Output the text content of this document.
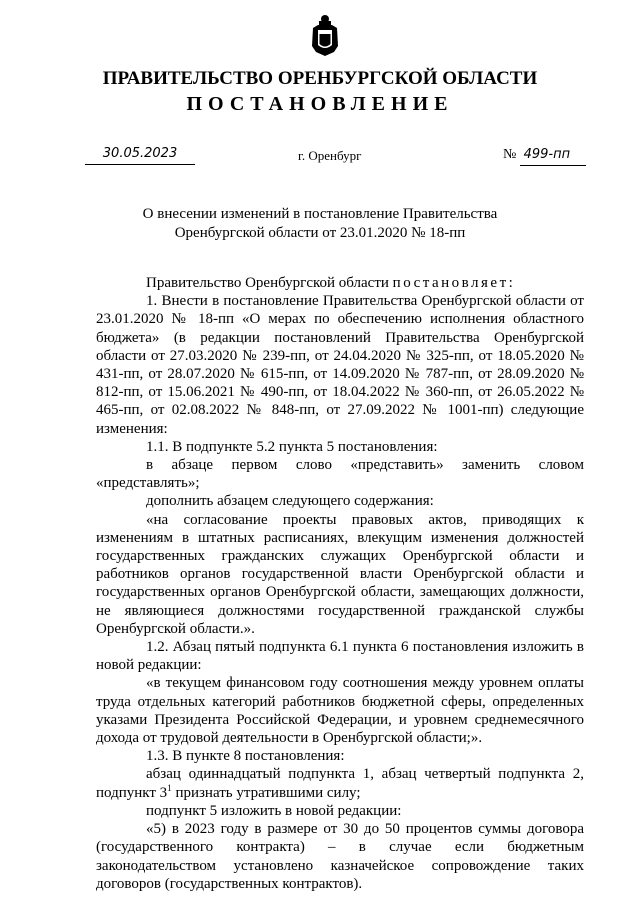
ПРАВИТЕЛЬСТВО ОРЕНБУРГСКОЙ ОБЛАСТИ
ПОСТАНОВЛЕНИЕ
30.05.2023	г. Оренбург	№ 499-пп
О внесении изменений в постановление Правительства
Оренбургской области от 23.01.2020 № 18-пп

Правительство Оренбургской области постановляет:

1. Внести в постановление Правительства Оренбургской области от 23.01.2020 № 18-пп «О мерах по обеспечению исполнения областного бюджета» (в редакции постановлений Правительства Оренбургской области от 27.03.2020 № 239-пп, от 24.04.2020 № 325-пп, от 18.05.2020 № 431-пп, от 28.07.2020 № 615-пп, от 14.09.2020 № 787-пп, от 28.09.2020 № 812-пп, от 15.06.2021 № 490-пп, от 18.04.2022 № 360-пп, от 26.05.2022 № 465-пп, от 02.08.2022 № 848-пп, от 27.09.2022 № 1001-пп) следующие изменения:

1.1. В подпункте 5.2 пункта 5 постановления:

в абзаце первом слово «представить» заменить словом «представлять»;

дополнить абзацем следующего содержания:

«на согласование проекты правовых актов, приводящих к изменениям в штатных расписаниях, влекущим изменения должностей государственных гражданских служащих Оренбургской области и работников органов государственной власти Оренбургской области и государственных органов Оренбургской области, замещающих должности, не являющиеся должностями государственной гражданской службы Оренбургской области.».

1.2. Абзац пятый подпункта 6.1 пункта 6 постановления изложить в новой редакции:

«в текущем финансовом году соотношения между уровнем оплаты труда отдельных категорий работников бюджетной сферы, определенных указами Президента Российской Федерации, и уровнем среднемесячного дохода от трудовой деятельности в Оренбургской области;».

1.3. В пункте 8 постановления:

абзац одиннадцатый подпункта 1, абзац четвертый подпункта 2, подпункт $3^1$ признать утратившими силу;

подпункт 5 изложить в новой редакции:

«5) в 2023 году в размере от 30 до 50 процентов суммы договора (государственного контракта) – в случае если бюджетным законодательством установлено казначейское сопровождение таких договоров (государственных контрактов).
